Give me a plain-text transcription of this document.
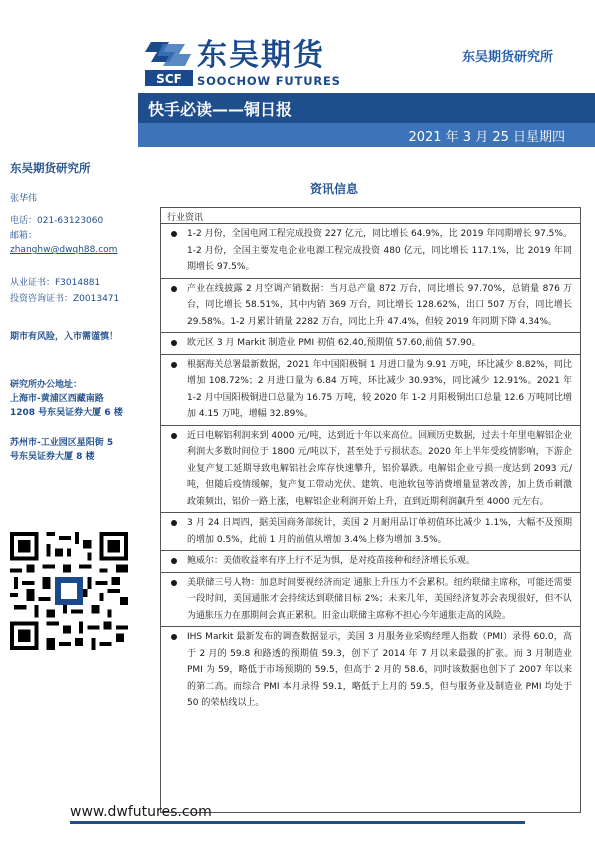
SCF
东吴期货
SOOCHOW FUTURES
东吴期货研究所
快手必读——铜日报
2021 年 3 月 25 日星期四
东吴期货研究所
张华伟
电话：021-63123060
邮箱：
zhanghw@dwqh88.com
从业证书：F3014881
投资咨询证书：Z0013471
期市有风险，入市需谨慎！
研究所办公地址：
上海市-黄浦区西藏南路
1208 号东吴证券大厦 6 楼
苏州市-工业园区星阳街 5
号东吴证券大厦 8 楼
资讯信息
行业资讯
1-2 月份，全国电网工程完成投资 227 亿元，同比增长 64.9%，比 2019 年同期增长 97.5%。1-2 月份，全国主要发电企业电源工程完成投资 480 亿元，同比增长 117.1%，比 2019 年同期增长 97.5%。
产业在线披露 2 月空调产销数据：当月总产量 872 万台，同比增长 97.70%，总销量 876 万台，同比增长 58.51%，其中内销 369 万台，同比增长 128.62%，出口 507 万台，同比增长 29.58%。1-2 月累计销量 2282 万台，同比上升 47.4%，但较 2019 年同期下降 4.34%。
欧元区 3 月 Markit 制造业 PMI 初值 62.40,预期值 57.60,前值 57.90。
根据海关总署最新数据，2021 年中国阳极铜 1 月进口量为 9.91 万吨，环比减少 8.82%，同比增加 108.72%；2 月进口量为 6.84 万吨，环比减少 30.93%，同比减少 12.91%。2021 年 1-2 月中国阳极铜进口总量为 16.75 万吨，较 2020 年 1-2 月阳极铜出口总量 12.6 万吨同比增加 4.15 万吨，增幅 32.89%。
近日电解铝利润来到 4000 元/吨，达到近十年以来高位。回顾历史数据，过去十年里电解铝企业利润大多数时间位于 1800 元/吨以下，甚至处于亏损状态。2020 年上半年受疫情影响，下游企业复产复工延期导致电解铝社会库存快速攀升，铝价暴跌。电解铝企业亏损一度达到 2093 元/吨，但随后疫情缓解，复产复工带动光伏、建筑、电池软包等消费增量显著改善，加上货币刺激政策频出，铝价一路上涨，电解铝企业利润开始上升，直到近期利润飙升至 4000 元左右。
3 月 24 日周四，据美国商务部统计，美国 2 月耐用品订单初值环比减少 1.1%，大幅不及预期的增加 0.5%，此前 1 月的前值从增加 3.4%上修为增加 3.5%。
鲍威尔：美债收益率有序上行不足为惧，是对疫苗接种和经济增长乐观。
美联储三号人物：加息时间要视经济而定 通胀上升压力不会累积。纽约联储主席称，可能还需要一段时间，美国通胀才会持续达到联储目标 2%；未来几年，美国经济复苏会表现很好，但不认为通胀压力在那期间会真正累积。旧金山联储主席称不担心今年通胀走高的风险。
IHS Markit 最新发布的调查数据显示，美国 3 月服务业采购经理人指数（PMI）录得 60.0，高于 2 月的 59.8 和路透的预期值 59.3，创下了 2014 年 7 月以来最强的扩张。而 3 月制造业 PMI 为 59，略低于市场预期的 59.5，但高于 2 月的 58.6，同时该数据也创下了 2007 年以来的第二高。而综合 PMI 本月录得 59.1，略低于上月的 59.5，但与服务业及制造业 PMI 均处于 50 的荣枯线以上。
www.dwfutures.com
